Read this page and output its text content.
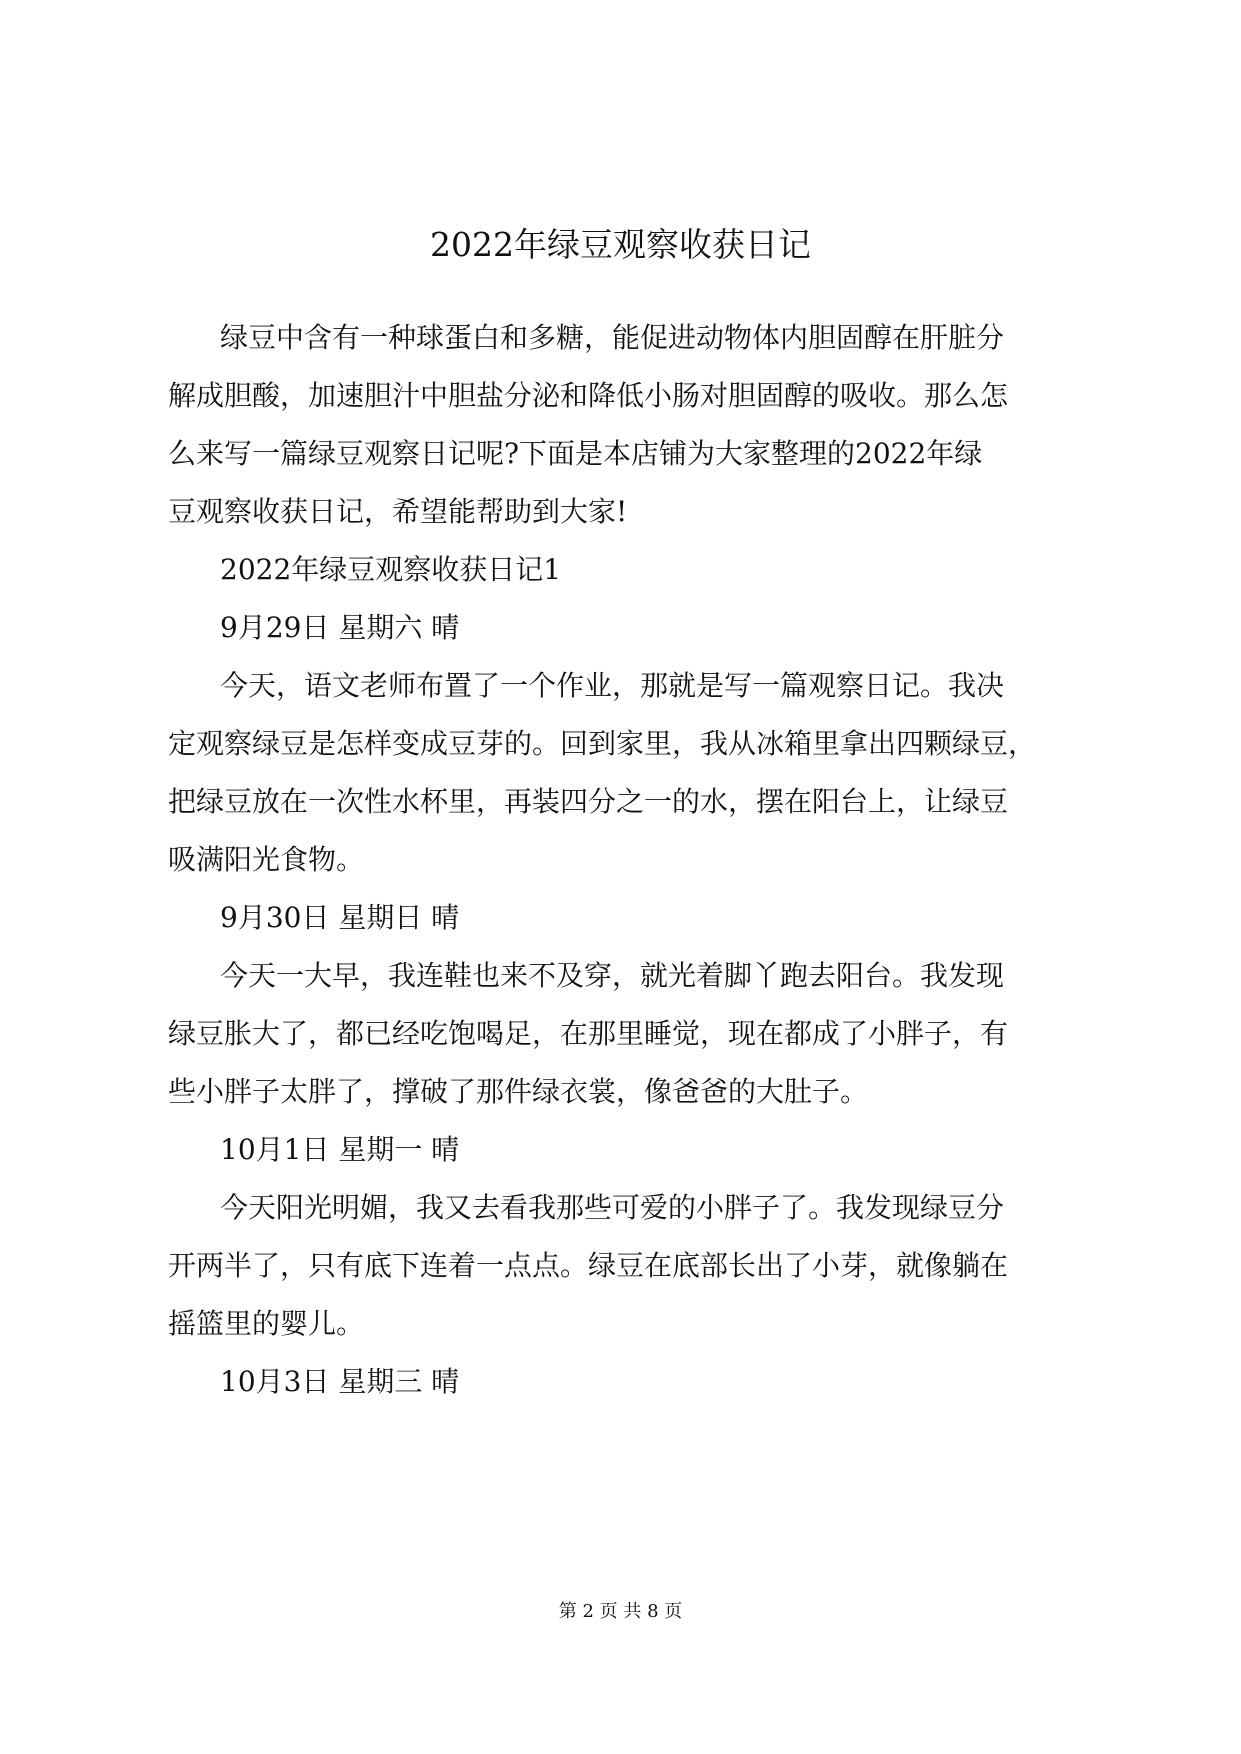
2022年绿豆观察收获日记
绿豆中含有一种球蛋白和多糖，能促进动物体内胆固醇在肝脏分
解成胆酸，加速胆汁中胆盐分泌和降低小肠对胆固醇的吸收。那么怎
么来写一篇绿豆观察日记呢?下面是本店铺为大家整理的2022年绿
豆观察收获日记，希望能帮助到大家!
2022年绿豆观察收获日记1
9月29日 星期六 晴
今天，语文老师布置了一个作业，那就是写一篇观察日记。我决
定观察绿豆是怎样变成豆芽的。回到家里，我从冰箱里拿出四颗绿豆，
把绿豆放在一次性水杯里，再装四分之一的水，摆在阳台上，让绿豆
吸满阳光食物。
9月30日 星期日 晴
今天一大早，我连鞋也来不及穿，就光着脚丫跑去阳台。我发现
绿豆胀大了，都已经吃饱喝足，在那里睡觉，现在都成了小胖子，有
些小胖子太胖了，撑破了那件绿衣裳，像爸爸的大肚子。
10月1日 星期一 晴
今天阳光明媚，我又去看我那些可爱的小胖子了。我发现绿豆分
开两半了，只有底下连着一点点。绿豆在底部长出了小芽，就像躺在
摇篮里的婴儿。
10月3日 星期三 晴
第 2 页 共 8 页
